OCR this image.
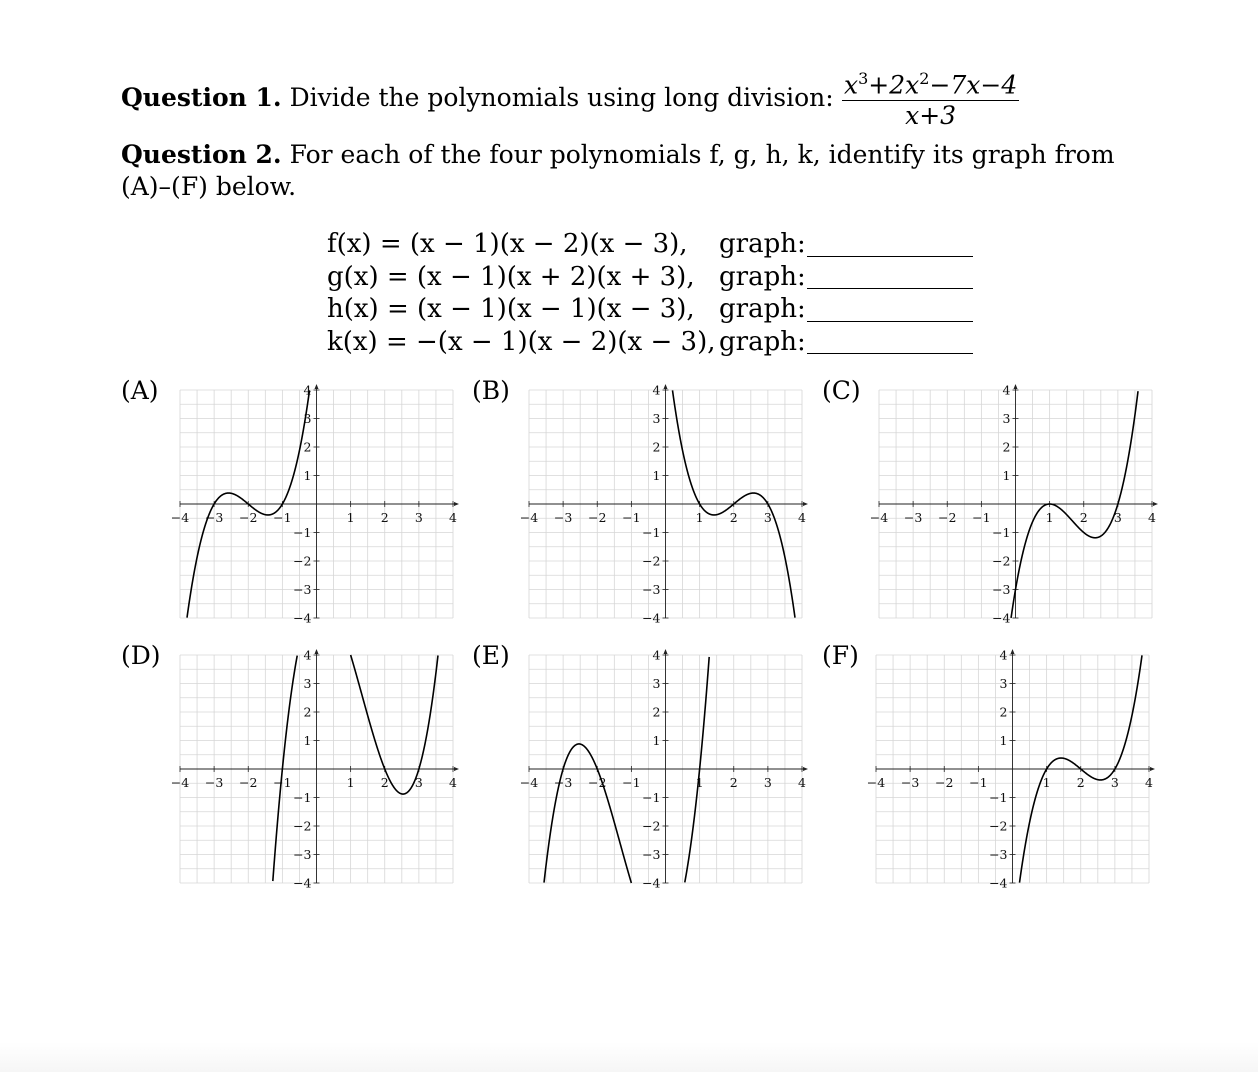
Question 1. Divide the polynomials using long division: $\frac{x^3+2x^2-7x-4}{x+3}$
Question 2. For each of the four polynomials f, g, h, k, identify its graph from (A)–(F) below.
f(x) = (x − 1)(x − 2)(x − 3),	graph:
g(x) = (x − 1)(x + 2)(x + 3), graph:
h(x) = (x − 1)(x − 1)(x − 3), graph:
k(x) = −(x − 1)(x − 2)(x − 3), graph:
(A)	(B)	(C)
(D)	(E)	(F)
−4 −3 −2 −1	1 2 3 4
4
3
2
1
−1
−2
−3
−4
−4 −3 −2 −1	1 2 3 4
4
3
2
1
−1
−2
−3
−4
−4 −3 −2 −1	1 2 3 4
4
3
2
1
−1
−2
−3
−4
−4 −3 −2 −1	1 2 3 4
4
3
2
1
−1
−2
−3
−4
−4 −3 −2 −1	1 2 3 4
4
3
2
1
−1
−2
−3
−4
−4 −3 −2 −1	1 2 3 4
4
3
2
1
−1
−2
−3
−4
